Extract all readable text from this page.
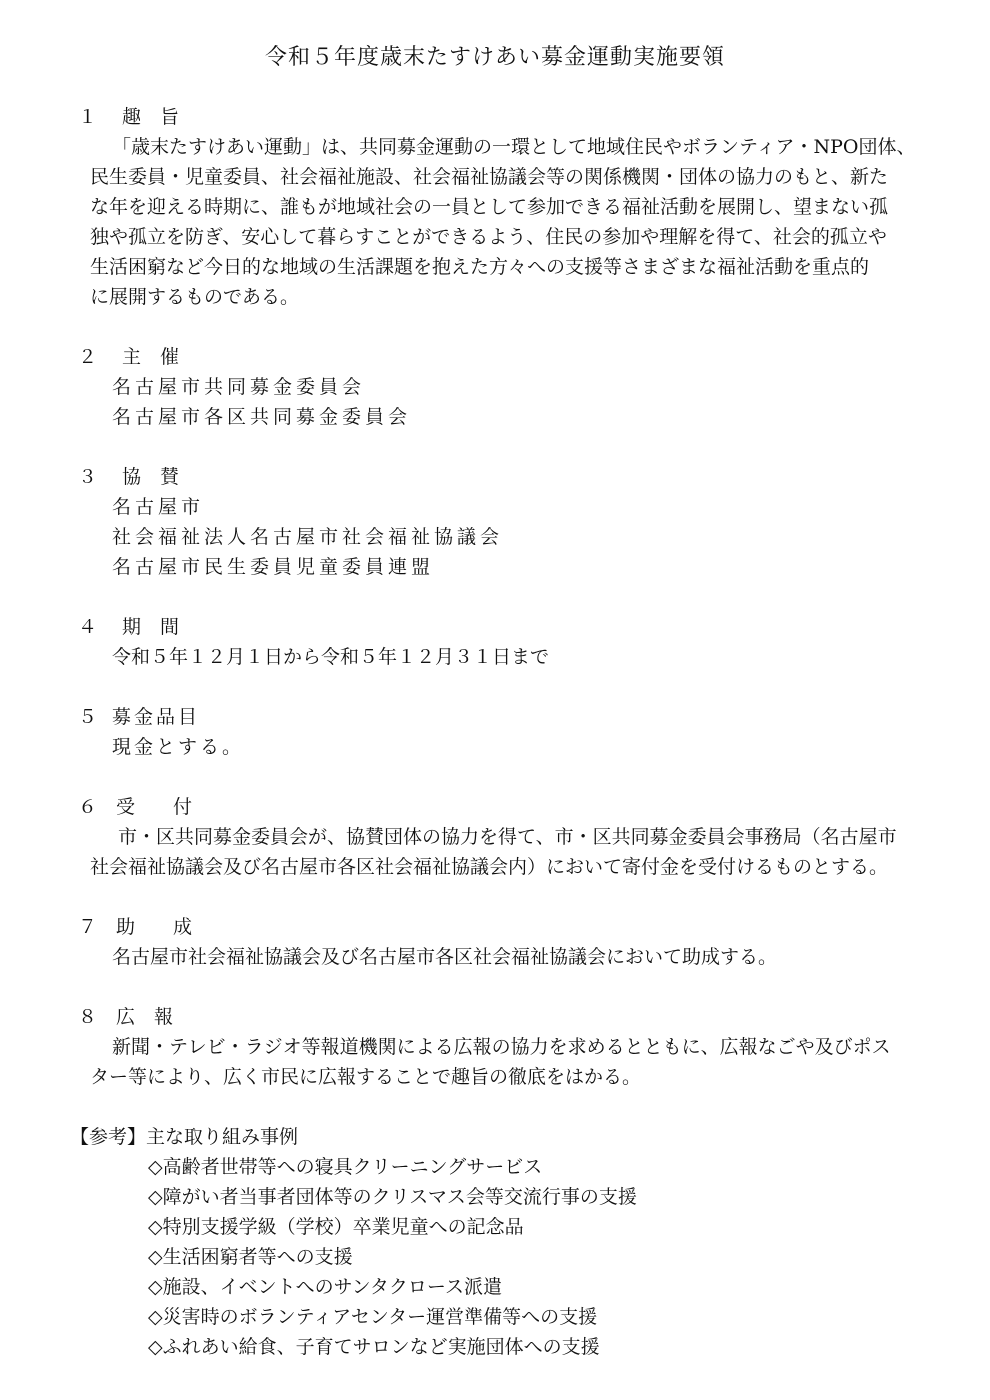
令和５年度歳末たすけあい募金運動実施要領
１ 趣　旨
「歳末たすけあい運動」は、共同募金運動の一環として地域住民やボランティア・NPO団体、
民生委員・児童委員、社会福祉施設、社会福祉協議会等の関係機関・団体の協力のもと、新た
な年を迎える時期に、誰もが地域社会の一員として参加できる福祉活動を展開し、望まない孤
独や孤立を防ぎ、安心して暮らすことができるよう、住民の参加や理解を得て、社会的孤立や
生活困窮など今日的な地域の生活課題を抱えた方々への支援等さまざまな福祉活動を重点的
に展開するものである。
２ 主　催
名古屋市共同募金委員会
名古屋市各区共同募金委員会
３ 協　賛
名古屋市
社会福祉法人名古屋市社会福祉協議会
名古屋市民生委員児童委員連盟
４ 期　間
令和５年１２月１日から令和５年１２月３１日まで
５ 募金品目
現金とする。
６ 受　　付
市・区共同募金委員会が、協賛団体の協力を得て、市・区共同募金委員会事務局（名古屋市
社会福祉協議会及び名古屋市各区社会福祉協議会内）において寄付金を受付けるものとする。
７ 助　　成
名古屋市社会福祉協議会及び名古屋市各区社会福祉協議会において助成する。
８ 広　報
新聞・テレビ・ラジオ等報道機関による広報の協力を求めるとともに、広報なごや及びポス
ター等により、広く市民に広報することで趣旨の徹底をはかる。
【参考】主な取り組み事例
◇高齢者世帯等への寝具クリーニングサービス
◇障がい者当事者団体等のクリスマス会等交流行事の支援
◇特別支援学級（学校）卒業児童への記念品
◇生活困窮者等への支援
◇施設、イベントへのサンタクロース派遣
◇災害時のボランティアセンター運営準備等への支援
◇ふれあい給食、子育てサロンなど実施団体への支援
